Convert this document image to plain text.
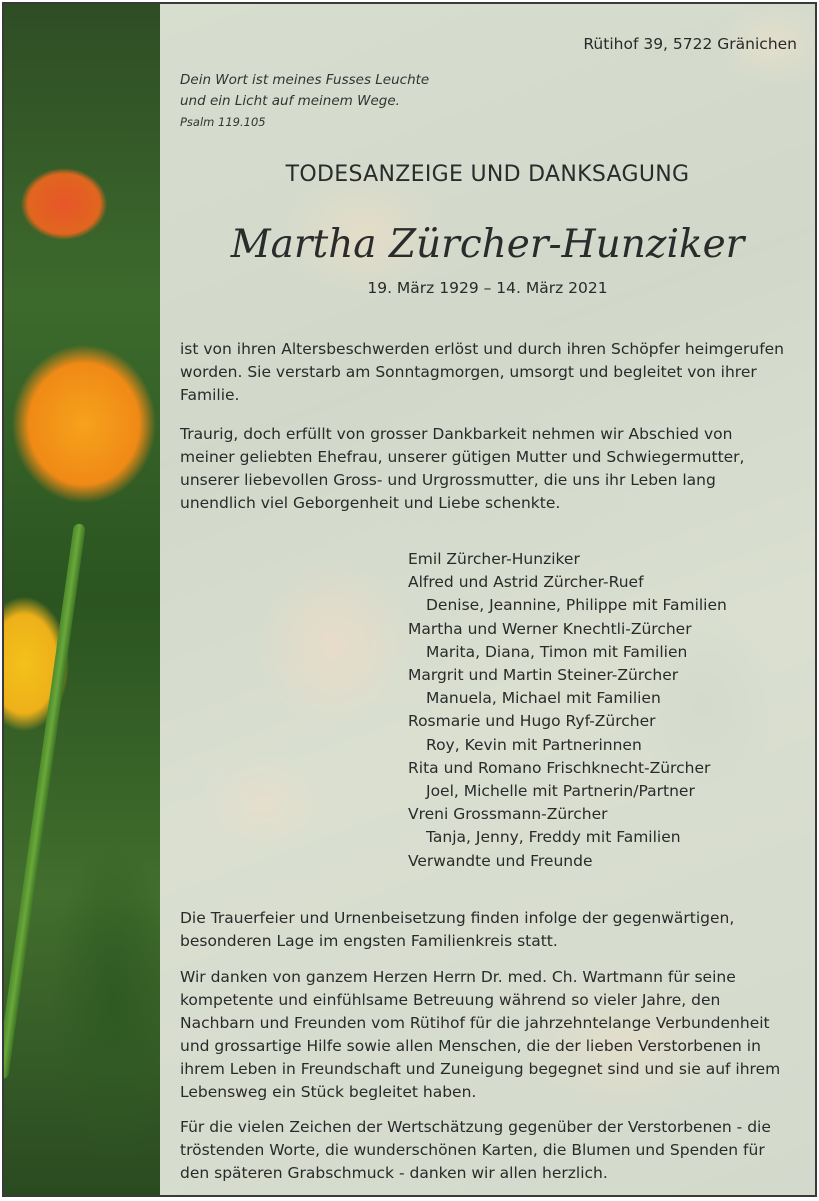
Rütihof 39, 5722 Gränichen
Dein Wort ist meines Fusses Leuchte
und ein Licht auf meinem Wege.
Psalm 119.105
TODESANZEIGE UND DANKSAGUNG
Martha Zürcher-Hunziker
19. März 1929 – 14. März 2021
ist von ihren Altersbeschwerden erlöst und durch ihren Schöpfer heimgerufen worden. Sie verstarb am Sonntagmorgen, umsorgt und begleitet von ihrer Familie.
Traurig, doch erfüllt von grosser Dankbarkeit nehmen wir Abschied von meiner geliebten Ehefrau, unserer gütigen Mutter und Schwiegermutter, unserer liebevollen Gross- und Urgrossmutter, die uns ihr Leben lang unendlich viel Geborgenheit und Liebe schenkte.
Emil Zürcher-Hunziker
Alfred und Astrid Zürcher-Ruef
Denise, Jeannine, Philippe mit Familien
Martha und Werner Knechtli-Zürcher
Marita, Diana, Timon mit Familien
Margrit und Martin Steiner-Zürcher
Manuela, Michael mit Familien
Rosmarie und Hugo Ryf-Zürcher
Roy, Kevin mit Partnerinnen
Rita und Romano Frischknecht-Zürcher
Joel, Michelle mit Partnerin/Partner
Vreni Grossmann-Zürcher
Tanja, Jenny, Freddy mit Familien
Verwandte und Freunde
Die Trauerfeier und Urnenbeisetzung finden infolge der gegenwärtigen, besonderen Lage im engsten Familienkreis statt.
Wir danken von ganzem Herzen Herrn Dr. med. Ch. Wartmann für seine kompetente und einfühlsame Betreuung während so vieler Jahre, den Nachbarn und Freunden vom Rütihof für die jahrzehntelange Verbundenheit und grossartige Hilfe sowie allen Menschen, die der lieben Verstorbenen in ihrem Leben in Freundschaft und Zuneigung begegnet sind und sie auf ihrem Lebensweg ein Stück begleitet haben.
Für die vielen Zeichen der Wertschätzung gegenüber der Verstorbenen - die tröstenden Worte, die wunderschönen Karten, die Blumen und Spenden für den späteren Grabschmuck - danken wir allen herzlich.
